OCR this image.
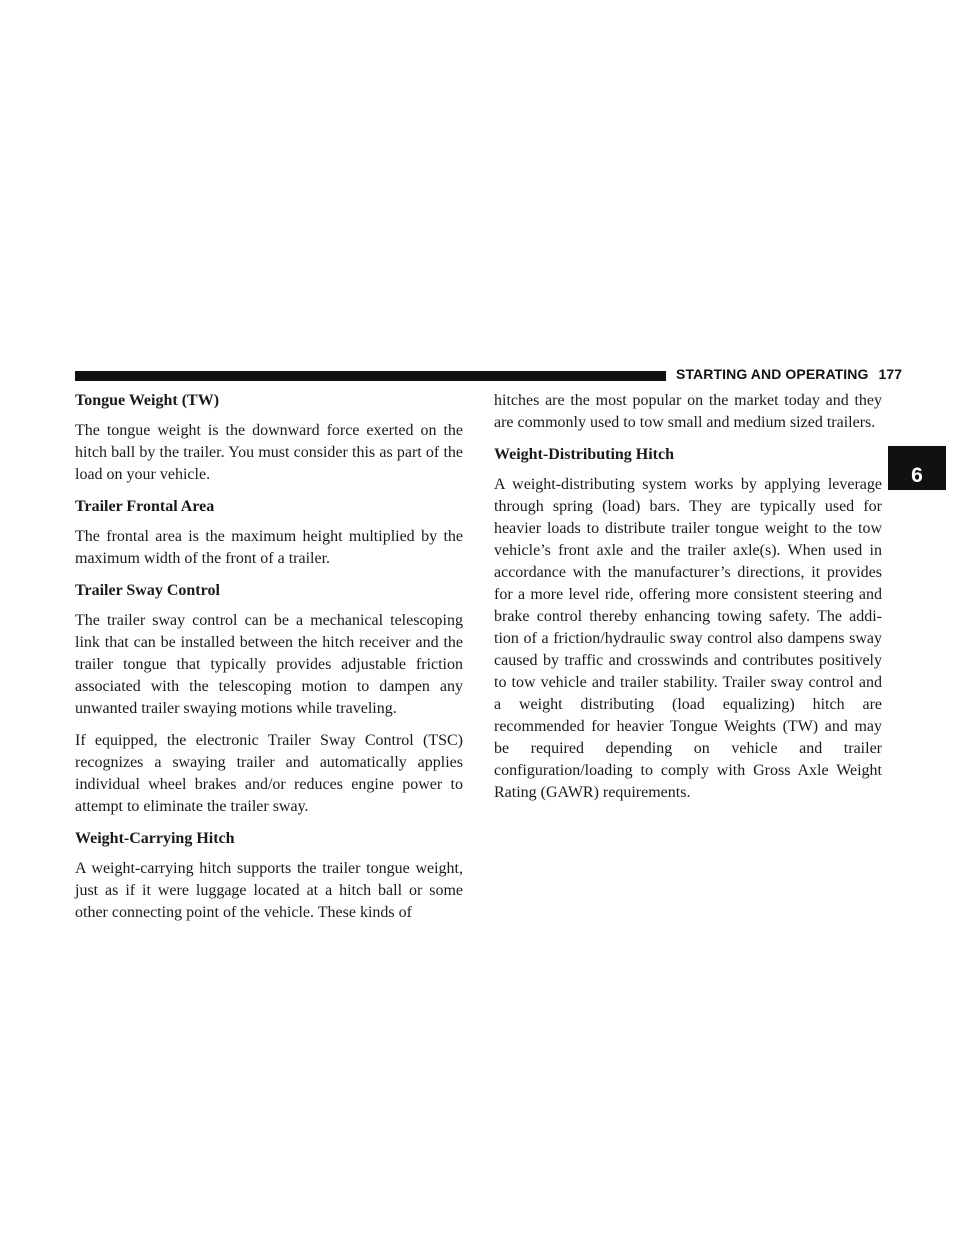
STARTING AND OPERATING 177
6
Tongue Weight (TW)

The tongue weight is the downward force exerted on the hitch ball by the trailer. You must consider this as part of the load on your vehicle.

Trailer Frontal Area

The frontal area is the maximum height multiplied by the maximum width of the front of a trailer.

Trailer Sway Control

The trailer sway control can be a mechanical telescoping link that can be installed between the hitch receiver and the trailer tongue that typically provides adjustable friction associated with the telescoping motion to dampen any unwanted trailer swaying motions while traveling.

If equipped, the electronic Trailer Sway Control (TSC) recognizes a swaying trailer and automatically applies individual wheel brakes and/or reduces engine power to attempt to eliminate the trailer sway.

Weight-Carrying Hitch

A weight-carrying hitch supports the trailer tongue weight, just as if it were luggage located at a hitch ball or some other connecting point of the vehicle. These kinds of

hitches are the most popular on the market today and they are commonly used to tow small and medium sized trailers.

Weight-Distributing Hitch

A weight-distributing system works by applying leverage through spring (load) bars. They are typically used for heavier loads to distribute trailer tongue weight to the tow vehicle’s front axle and the trailer axle(s). When used in accordance with the manufacturer’s directions, it provides for a more level ride, offering more consistent steering and brake control thereby enhancing towing safety. The addi-tion of a friction/hydraulic sway control also dampens sway caused by traffic and crosswinds and contributes positively to tow vehicle and trailer stability. Trailer sway control and a weight distributing (load equalizing) hitch are recommended for heavier Tongue Weights (TW) and may be required depending on vehicle and trailer configuration/loading to comply with Gross Axle Weight Rating (GAWR) requirements.
